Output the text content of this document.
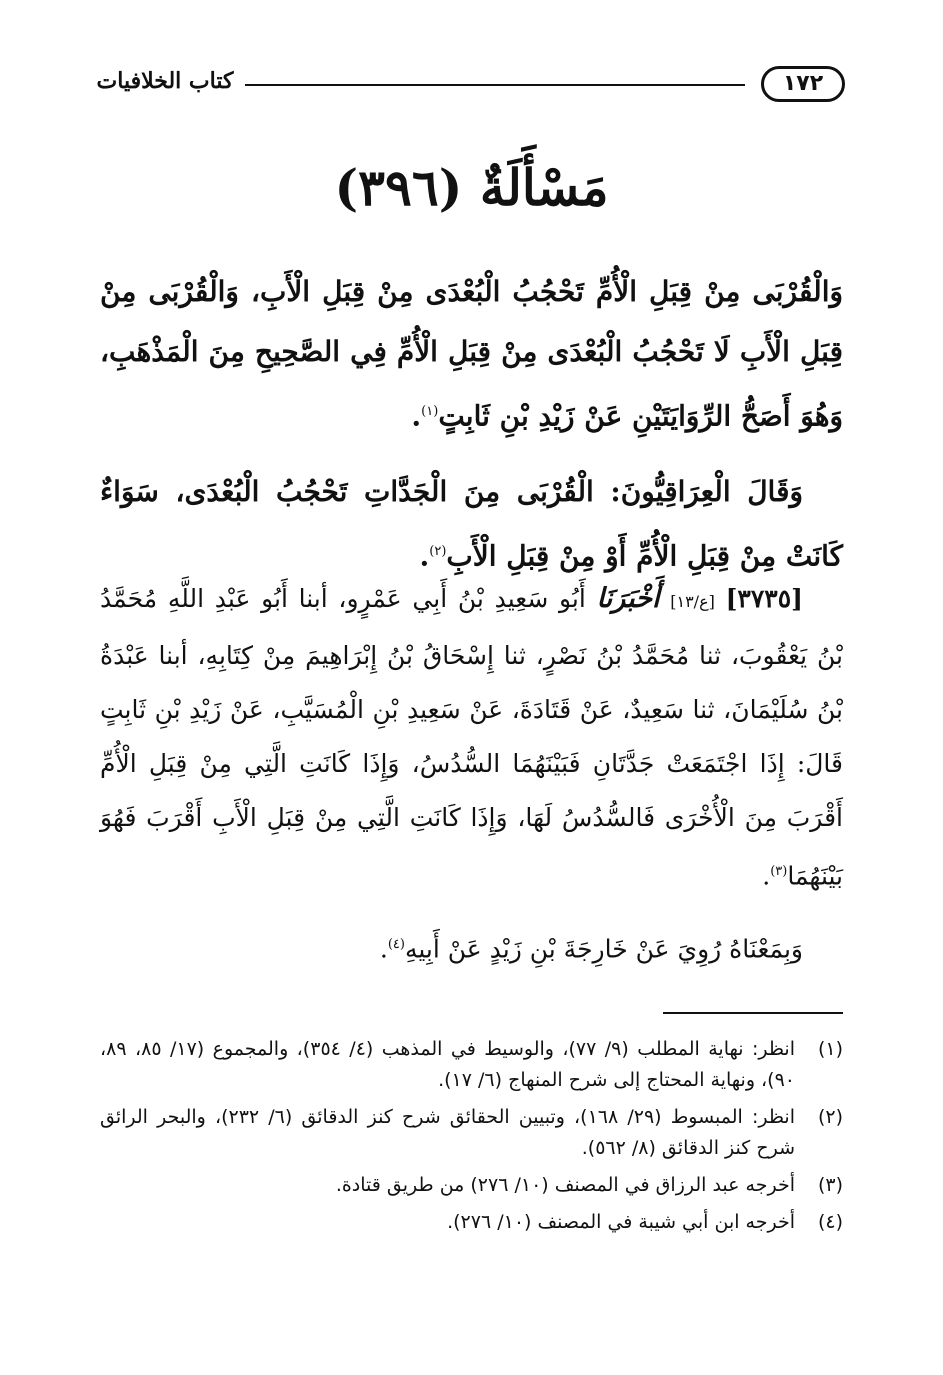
١٧٢
كتاب الخلافيات
مَسْأَلَةٌ (٣٩٦)

وَالْقُرْبَى مِنْ قِبَلِ الْأُمِّ تَحْجُبُ الْبُعْدَى مِنْ قِبَلِ الْأَبِ، وَالْقُرْبَى مِنْ قِبَلِ الْأَبِ لَا تَحْجُبُ الْبُعْدَى مِنْ قِبَلِ الْأُمِّ فِي الصَّحِيحِ مِنَ الْمَذْهَبِ، وَهُوَ أَصَحُّ الرِّوَايَتَيْنِ عَنْ زَيْدِ بْنِ ثَابِتٍ$^{(١)}$.

وَقَالَ الْعِرَاقِيُّونَ: الْقُرْبَى مِنَ الْجَدَّاتِ تَحْجُبُ الْبُعْدَى، سَوَاءٌ كَانَتْ مِنْ قِبَلِ الْأُمِّ أَوْ مِنْ قِبَلِ الْأَبِ$^{(٢)}$.

[٣٧٣٥] [ع/١٣] أَخْبَرَنَا أَبُو سَعِيدِ بْنُ أَبِي عَمْرٍو، أبنا أَبُو عَبْدِ اللَّهِ مُحَمَّدُ بْنُ يَعْقُوبَ، ثنا مُحَمَّدُ بْنُ نَصْرٍ، ثنا إِسْحَاقُ بْنُ إِبْرَاهِيمَ مِنْ كِتَابِهِ، أبنا عَبْدَةُ بْنُ سُلَيْمَانَ، ثنا سَعِيدٌ، عَنْ قَتَادَةَ، عَنْ سَعِيدِ بْنِ الْمُسَيَّبِ، عَنْ زَيْدِ بْنِ ثَابِتٍ قَالَ: إِذَا اجْتَمَعَتْ جَدَّتَانِ فَبَيْنَهُمَا السُّدُسُ، وَإِذَا كَانَتِ الَّتِي مِنْ قِبَلِ الْأُمِّ أَقْرَبَ مِنَ الْأُخْرَى فَالسُّدُسُ لَهَا، وَإِذَا كَانَتِ الَّتِي مِنْ قِبَلِ الْأَبِ أَقْرَبَ فَهُوَ بَيْنَهُمَا$^{(٣)}$.

وَبِمَعْنَاهُ رُوِيَ عَنْ خَارِجَةَ بْنِ زَيْدٍ عَنْ أَبِيهِ$^{(٤)}$.

(١)
انظر: نهاية المطلب (٩/ ٧٧)، والوسيط في المذهب (٤/ ٣٥٤)، والمجموع (١٧/ ٨٥، ٨٩، ٩٠)، ونهاية المحتاج إلى شرح المنهاج (٦/ ١٧).
(٢)
انظر: المبسوط (٢٩/ ١٦٨)، وتبيين الحقائق شرح كنز الدقائق (٦/ ٢٣٢)، والبحر الرائق شرح كنز الدقائق (٨/ ٥٦٢).
(٣)
أخرجه عبد الرزاق في المصنف (١٠/ ٢٧٦) من طريق قتادة.
(٤)
أخرجه ابن أبي شيبة في المصنف (١٠/ ٢٧٦).
